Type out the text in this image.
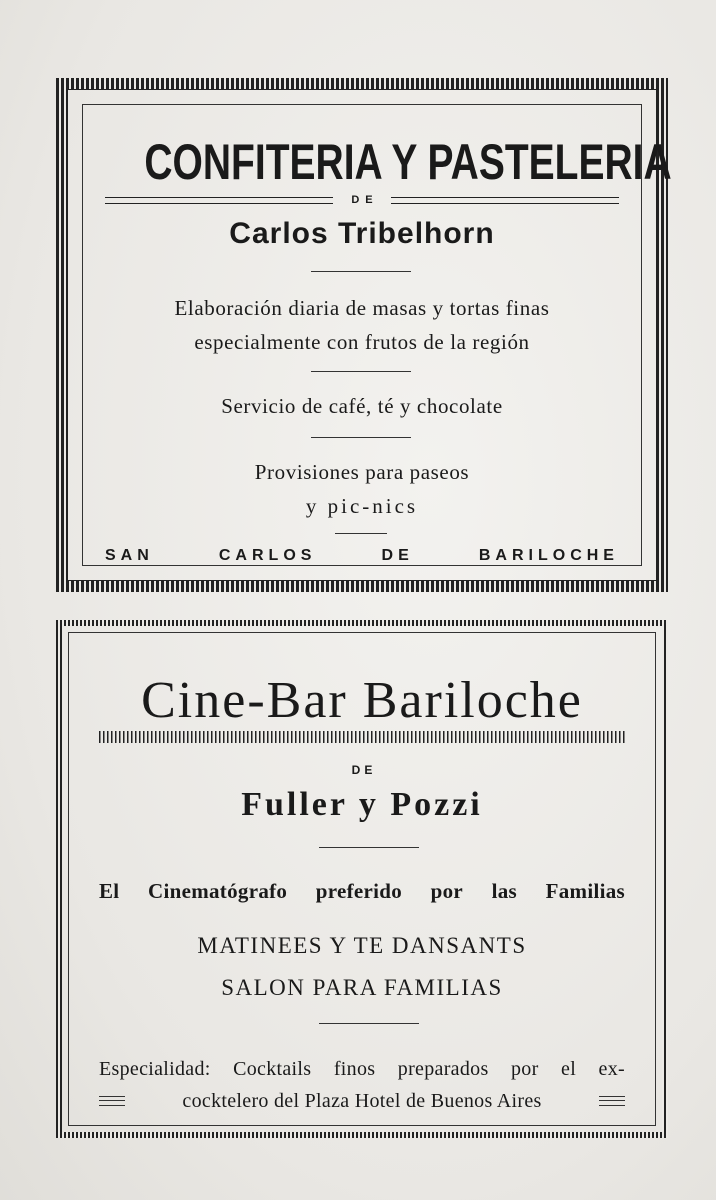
CONFITERIA Y PASTELERIA
DE
Carlos Tribelhorn
Elaboración diaria de masas y tortas finas
especialmente con frutos de la región
Servicio de café, té y chocolate
Provisiones para paseos
y pic-nics
SAN	CARLOS	DE	BARILOCHE
Cine-Bar Bariloche
DE
Fuller y Pozzi
El Cinematógrafo preferido por las Familias
MATINEES Y TE DANSANTS
SALON PARA FAMILIAS
Especialidad: Cocktails finos preparados por el ex-
cocktelero del Plaza Hotel de Buenos Aires
